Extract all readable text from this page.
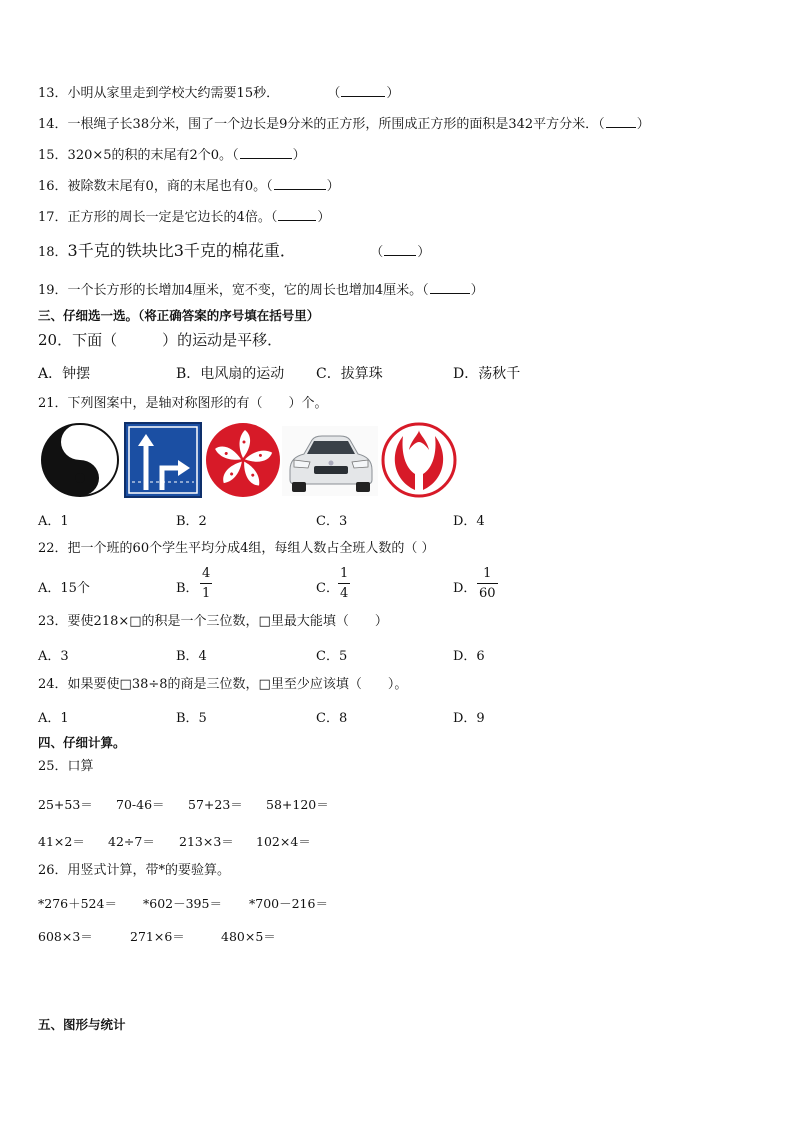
13．小明从家里走到学校大约需要15秒．	（	）
14．一根绳子长38分米，围了一个边长是9分米的正方形，所围成正方形的面积是342平方分米．（ ）
15．320×5的积的末尾有2个0。（	）
16．被除数末尾有0，商的末尾也有0。（	）
17．正方形的周长一定是它边长的4倍。（	）
18．3千克的铁块比3千克的棉花重．	（	）
19．一个长方形的长增加4厘米，宽不变，它的周长也增加4厘米。（	）
三、仔细选一选。（将正确答案的序号填在括号里）
20．下面（　　　）的运动是平移．
A．钟摆	B．电风扇的运动 C．拔算珠	D．荡秋千
21．下列图案中，是轴对称图形的有（　　）个。
A．1	B．2	C．3	D．4
22．把一个班的60个学生平均分成4组，每组人数占全班人数的（ ）
A．15个	B．
4
1	C．
1
4	D．
1
60
23．要使218×□的积是一个三位数，□里最大能填（　　）
A．3	B．4	C．5	D．6
24．如果要使□38÷8的商是三位数，□里至少应该填（　　）。
A．1	B．5	C．8	D．9
四、仔细计算。
25．口算
25+53＝ 70-46＝ 57+23＝ 58+120＝
41×2＝ 42÷7＝ 213×3＝ 102×4＝
26．用竖式计算，带*的要验算。
*276＋524＝ *602－395＝ *700－216＝
608×3＝	271×6＝	480×5＝
五、图形与统计
